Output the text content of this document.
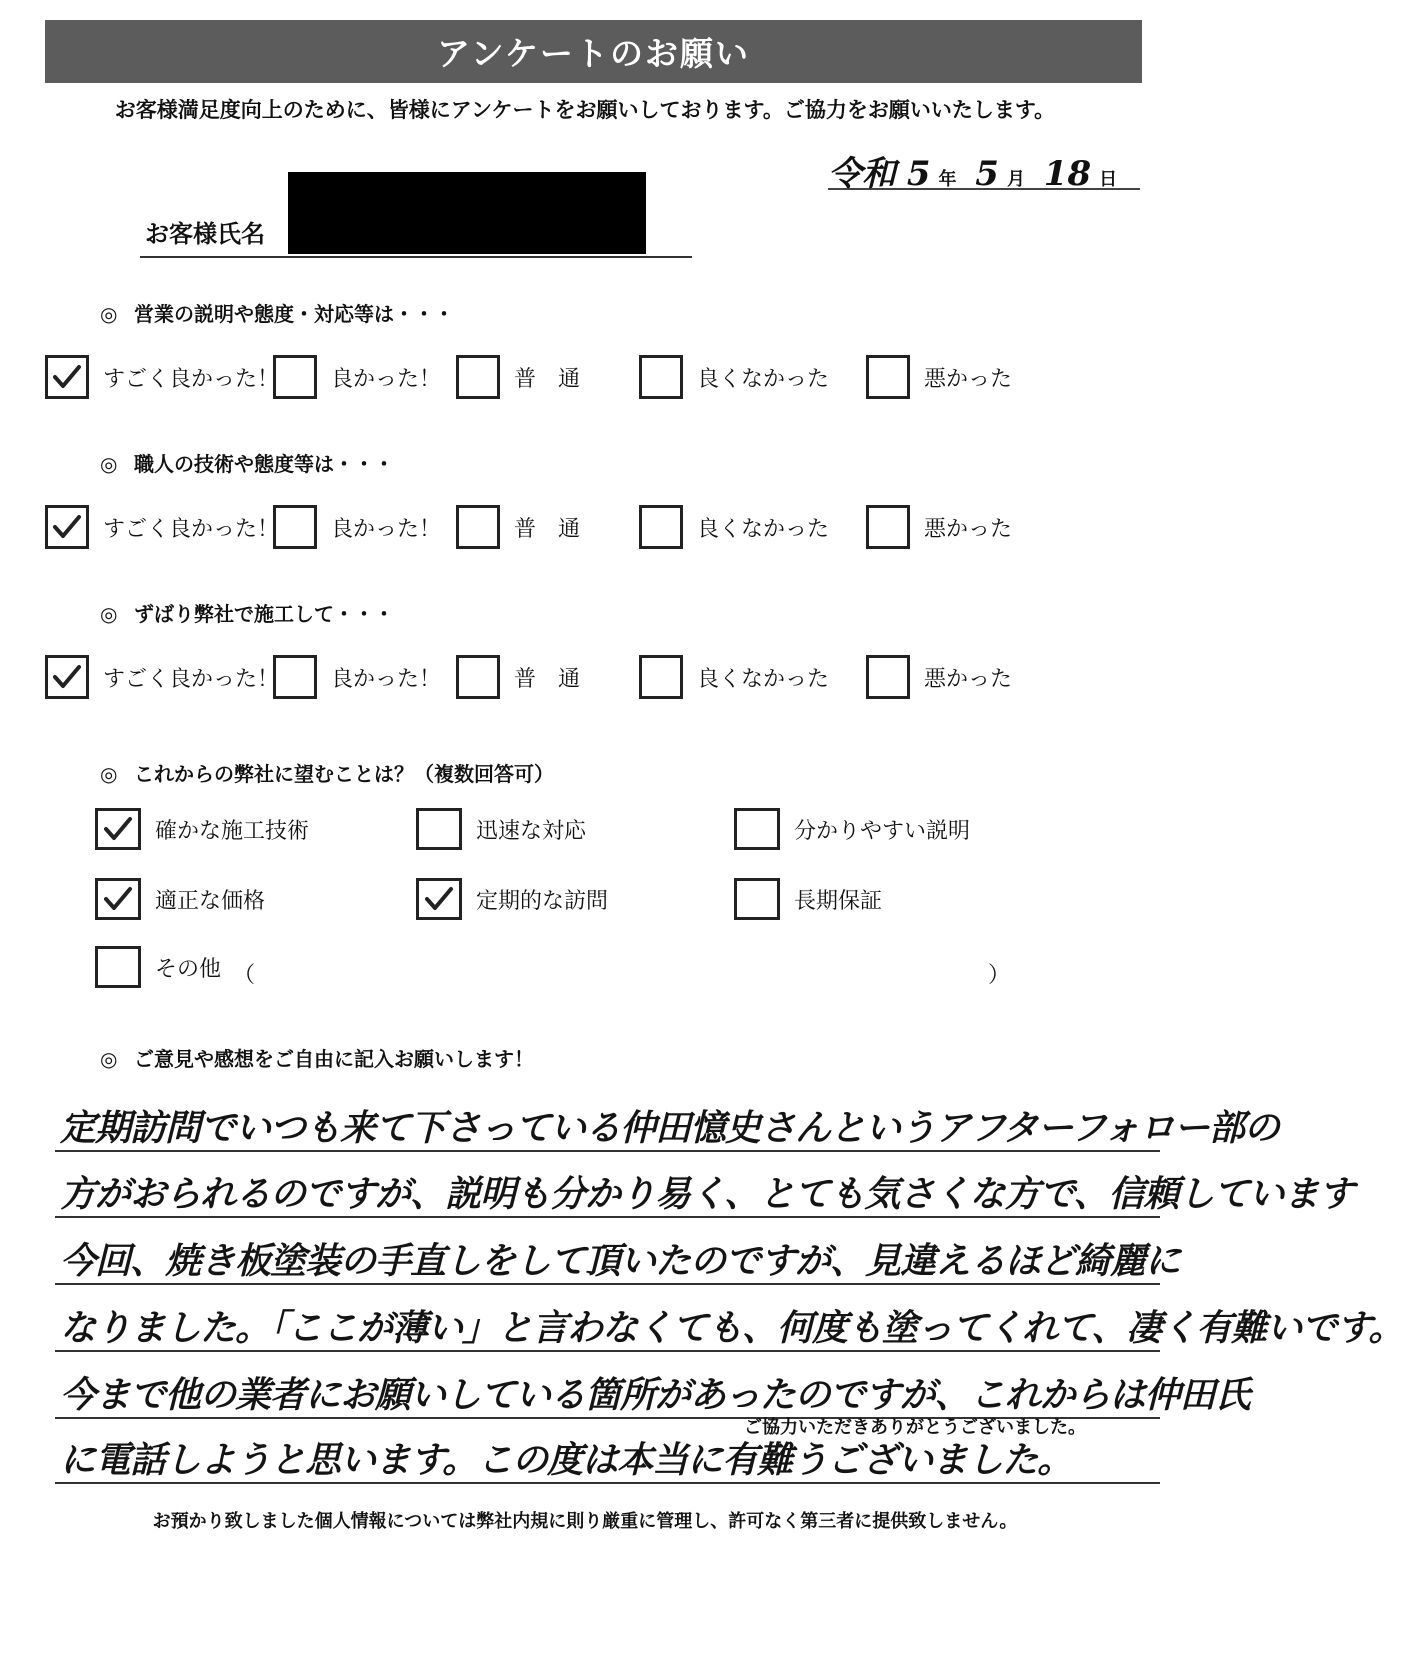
アンケートのお願い
お客様満足度向上のために、皆様にアンケートをお願いしております。ご協力をお願いいたします。
令和 5 年 5 月 18 日
お客様氏名
◎ 営業の説明や態度・対応等は・・・
すごく良かった！ 良かった！	普　通	良くなかった	悪かった
◎ 職人の技術や態度等は・・・
すごく良かった！ 良かった！	普　通	良くなかった	悪かった
◎ ずばり弊社で施工して・・・
すごく良かった！ 良かった！	普　通	良くなかった	悪かった
◎ これからの弊社に望むことは？（複数回答可）
確かな施工技術	迅速な対応	分かりやすい説明
適正な価格	定期的な訪問	長期保証
その他 （	）
◎ ご意見や感想をご自由に記入お願いします！
定期訪問でいつも来て下さっている仲田憶史さんというアフターフォロー部の
方がおられるのですが、説明も分かり易く、とても気さくな方で、信頼しています
今回、焼き板塗装の手直しをして頂いたのですが、見違えるほど綺麗に
なりました。「ここが薄い」と言わなくても、何度も塗ってくれて、凄く有難いです。
今まで他の業者にお願いしている箇所があったのですが、これからは仲田氏
に電話しようと思います。この度は本当に有難うございました。
ご協力いただきありがとうございました。
お預かり致しました個人情報については弊社内規に則り厳重に管理し、許可なく第三者に提供致しません。
